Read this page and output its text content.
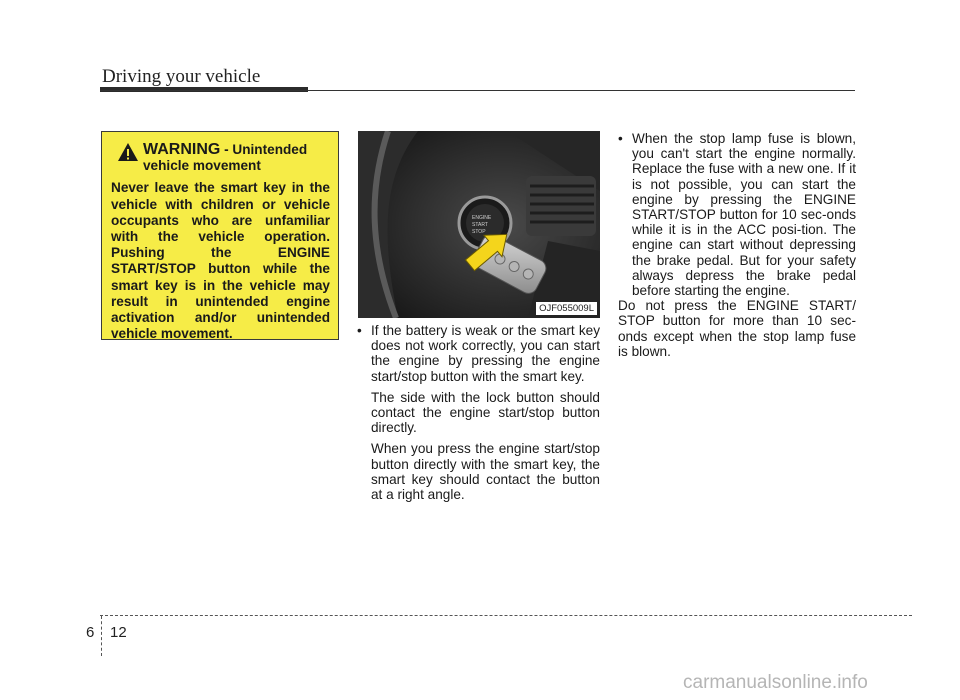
Driving your vehicle
WARNING - Unintended vehicle movement
Never leave the smart key in the vehicle with children or vehicle occupants who are unfamiliar with the vehicle operation. Pushing the ENGINE START/STOP button while the smart key is in the vehicle may result in unintended engine activation and/or unintended vehicle movement.
ENGINE
START
STOP
OJF055009L
• If the battery is weak or the smart key does not work correctly, you can start the engine by pressing the engine start/stop button with the smart key.
The side with the lock button should contact the engine start/stop button directly.
When you press the engine start/stop button directly with the smart key, the smart key should contact the button at a right angle.
• When the stop lamp fuse is blown, you can't start the engine normally. Replace the fuse with a new one. If it is not possible, you can start the engine by pressing the ENGINE START/STOP button for 10 sec-onds while it is in the ACC posi-tion. The engine can start without depressing the brake pedal. But for your safety always depress the brake pedal before starting the engine.
Do not press the ENGINE START/ STOP button for more than 10 sec-onds except when the stop lamp fuse is blown.
6 12
carmanualsonline.info
